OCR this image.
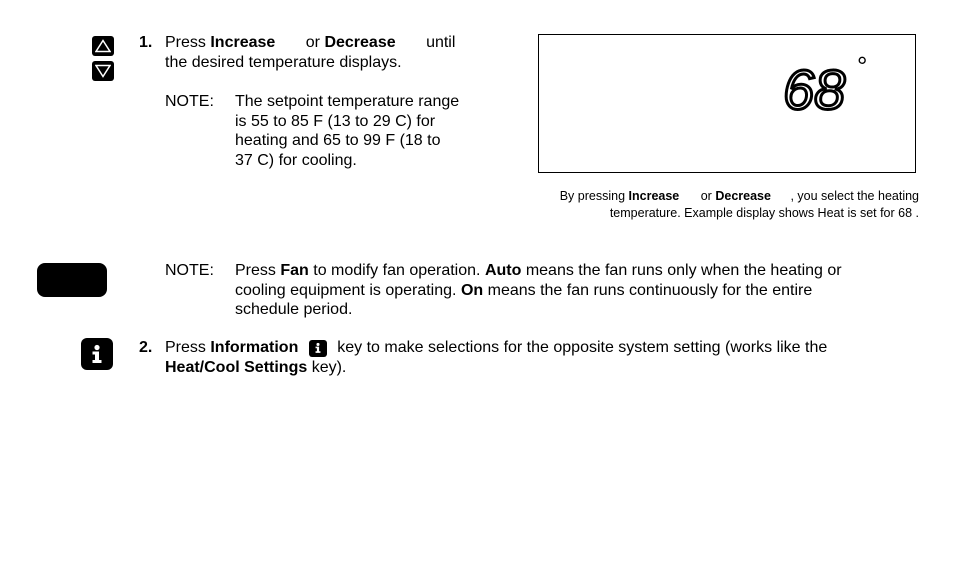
1. Press Increase or Decrease until
the desired temperature displays.
NOTE:	The setpoint temperature range
is 55 to 85 F (13 to 29 C) for
heating and 65 to 99 F (18 to
37 C) for cooling.
68 °
By pressing Increase or Decrease , you select the heating
temperature. Example display shows Heat is set for 68 .
NOTE:	Press Fan to modify fan operation. Auto means the fan runs only when the heating or
cooling equipment is operating. On means the fan runs continuously for the entire
schedule period.
2. Press Information key to make selections for the opposite system setting (works like the
Heat/Cool Settings key).
